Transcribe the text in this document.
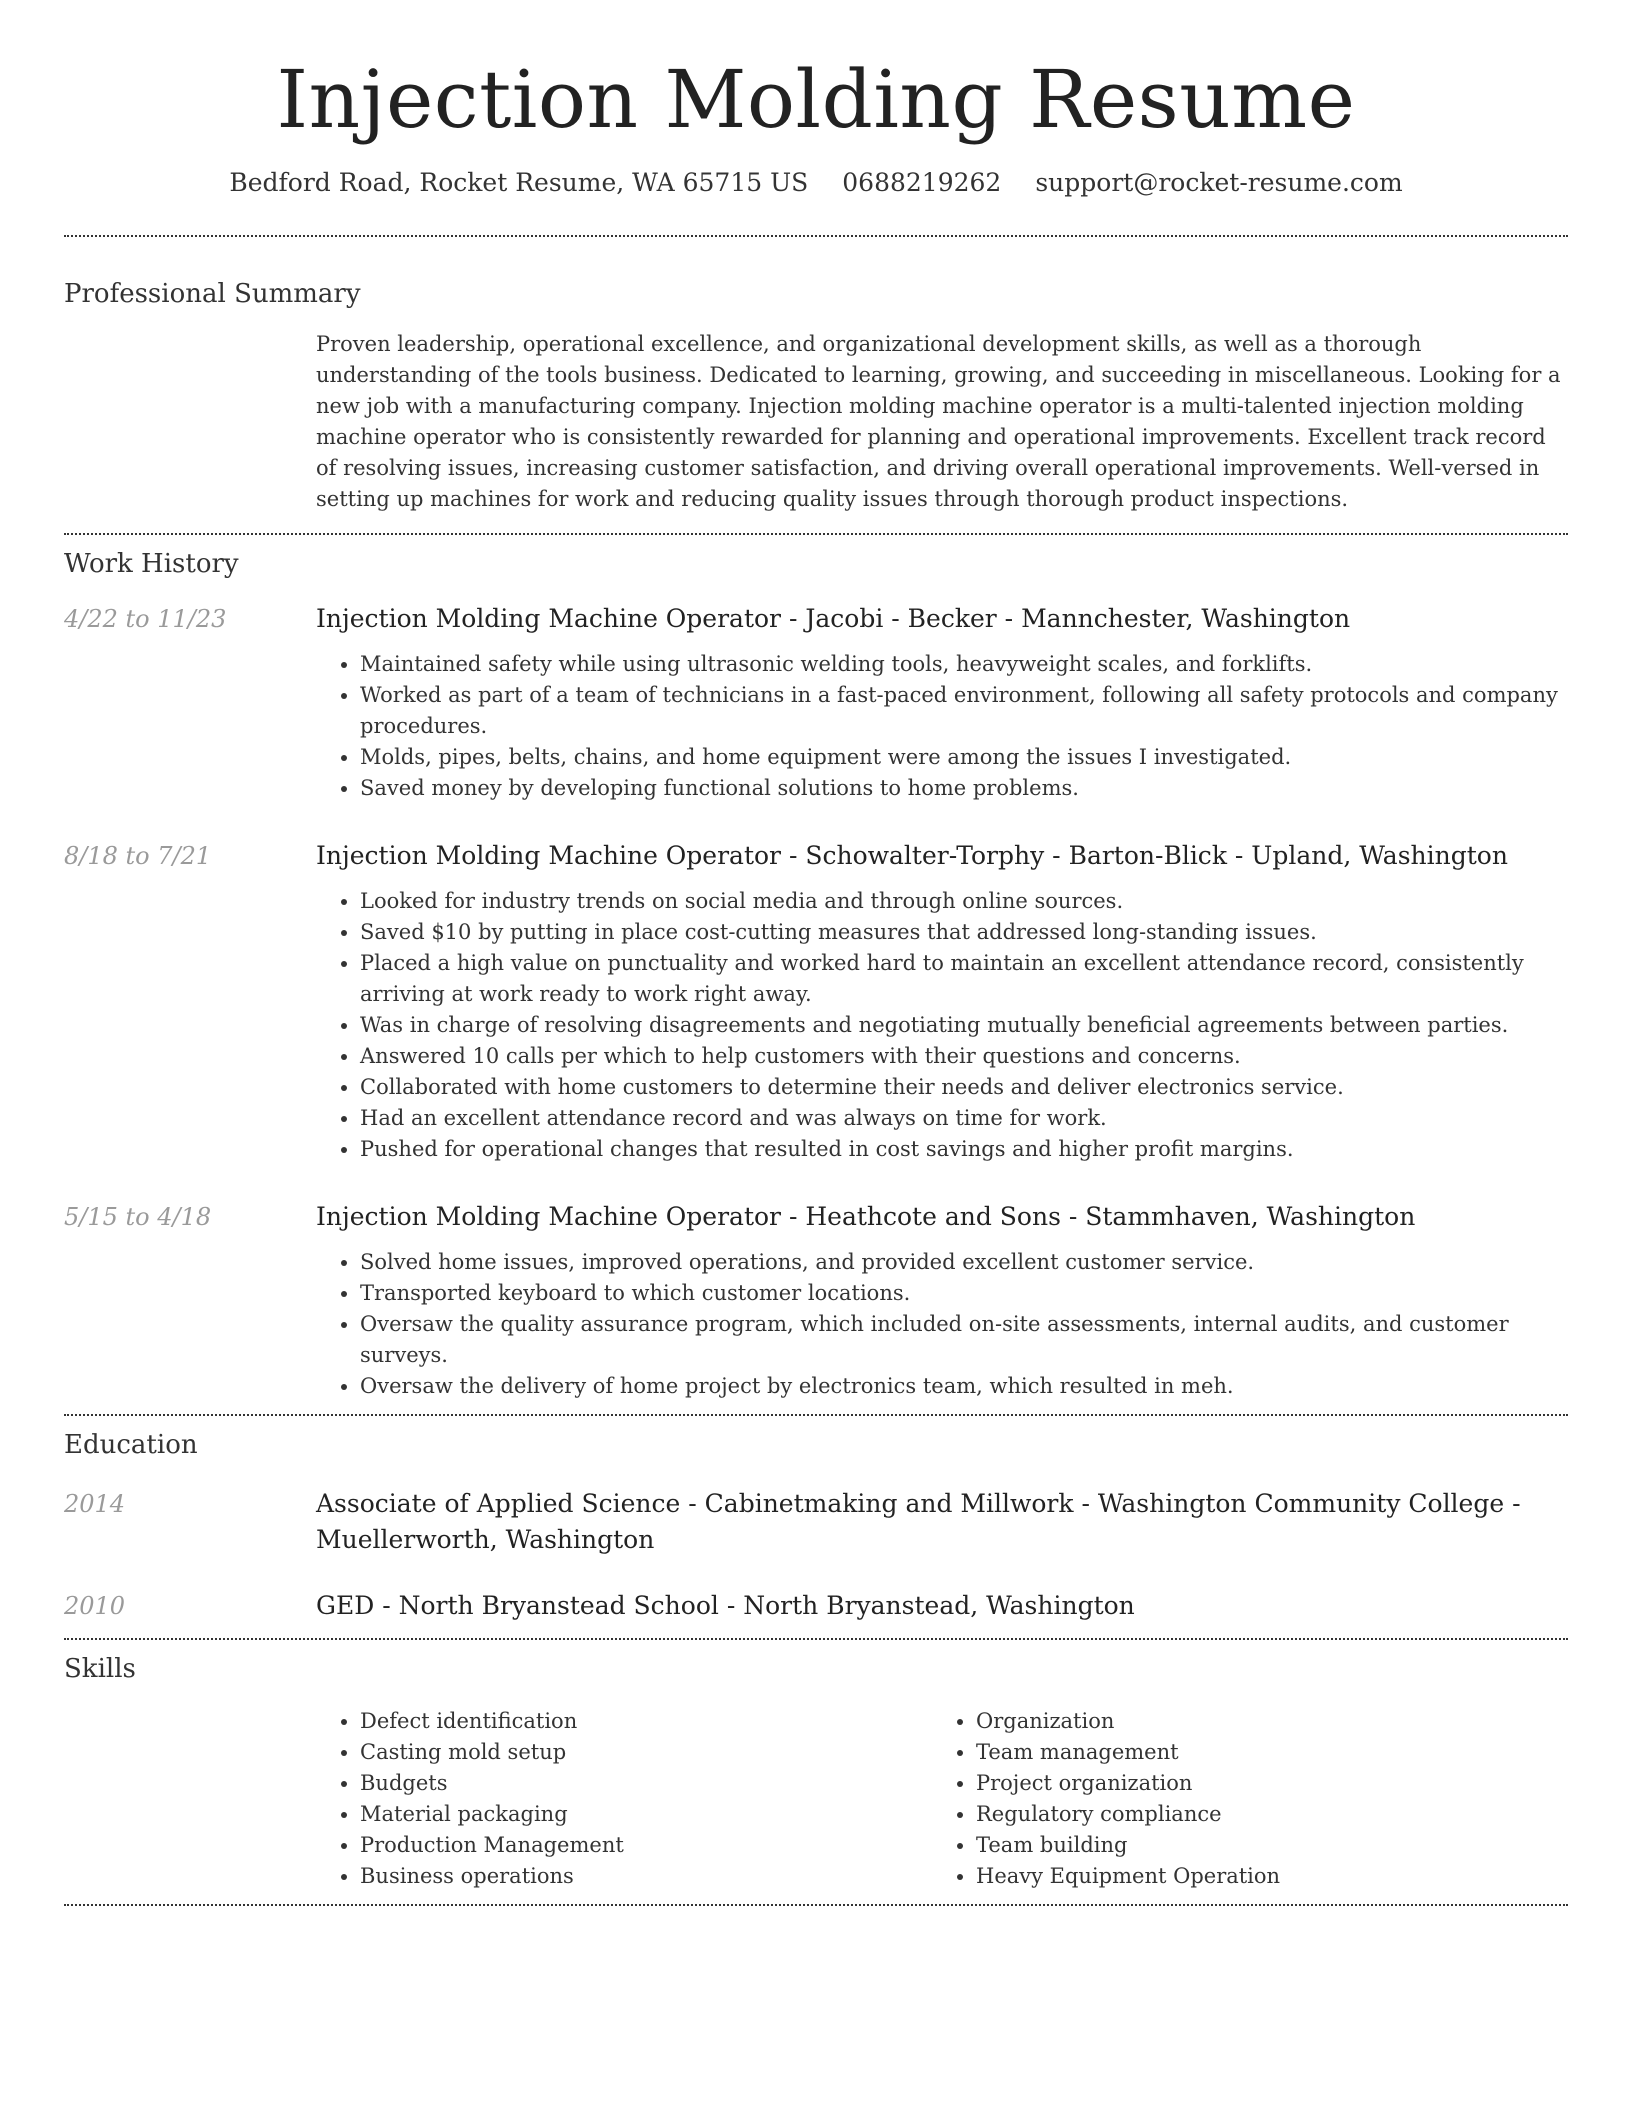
Injection Molding Resume
Bedford Road, Rocket Resume, WA 65715 US 0688219262 support@rocket-resume.com
Professional Summary

Proven leadership, operational excellence, and organizational development skills, as well as a thorough understanding of the tools business. Dedicated to learning, growing, and succeeding in miscellaneous. Looking for a new job with a manufacturing company. Injection molding machine operator is a multi-talented injection molding machine operator who is consistently rewarded for planning and operational improvements. Excellent track record of resolving issues, increasing customer satisfaction, and driving overall operational improvements. Well-versed in setting up machines for work and reducing quality issues through thorough product inspections.

Work History
4/22 to 11/23	Injection Molding Machine Operator - Jacobi - Becker - Mannchester, Washington
• Maintained safety while using ultrasonic welding tools, heavyweight scales, and forklifts.
• Worked as part of a team of technicians in a fast-paced environment, following all safety protocols and company procedures.
• Molds, pipes, belts, chains, and home equipment were among the issues I investigated.
• Saved money by developing functional solutions to home problems.
8/18 to 7/21	Injection Molding Machine Operator - Schowalter-Torphy - Barton-Blick - Upland, Washington
• Looked for industry trends on social media and through online sources.
• Saved $10 by putting in place cost-cutting measures that addressed long-standing issues.
• Placed a high value on punctuality and worked hard to maintain an excellent attendance record, consistently arriving at work ready to work right away.
• Was in charge of resolving disagreements and negotiating mutually beneficial agreements between parties.
• Answered 10 calls per which to help customers with their questions and concerns.
• Collaborated with home customers to determine their needs and deliver electronics service.
• Had an excellent attendance record and was always on time for work.
• Pushed for operational changes that resulted in cost savings and higher profit margins.
5/15 to 4/18	Injection Molding Machine Operator - Heathcote and Sons - Stammhaven, Washington
• Solved home issues, improved operations, and provided excellent customer service.
• Transported keyboard to which customer locations.
• Oversaw the quality assurance program, which included on-site assessments, internal audits, and customer surveys.
• Oversaw the delivery of home project by electronics team, which resulted in meh.
Education
2014	Associate of Applied Science - Cabinetmaking and Millwork - Washington Community College - Muellerworth, Washington
2010	GED - North Bryanstead School - North Bryanstead, Washington
Skills
• Defect identification
• Casting mold setup
• Budgets
• Material packaging
• Production Management
• Business operations
• Organization
• Team management
• Project organization
• Regulatory compliance
• Team building
• Heavy Equipment Operation
